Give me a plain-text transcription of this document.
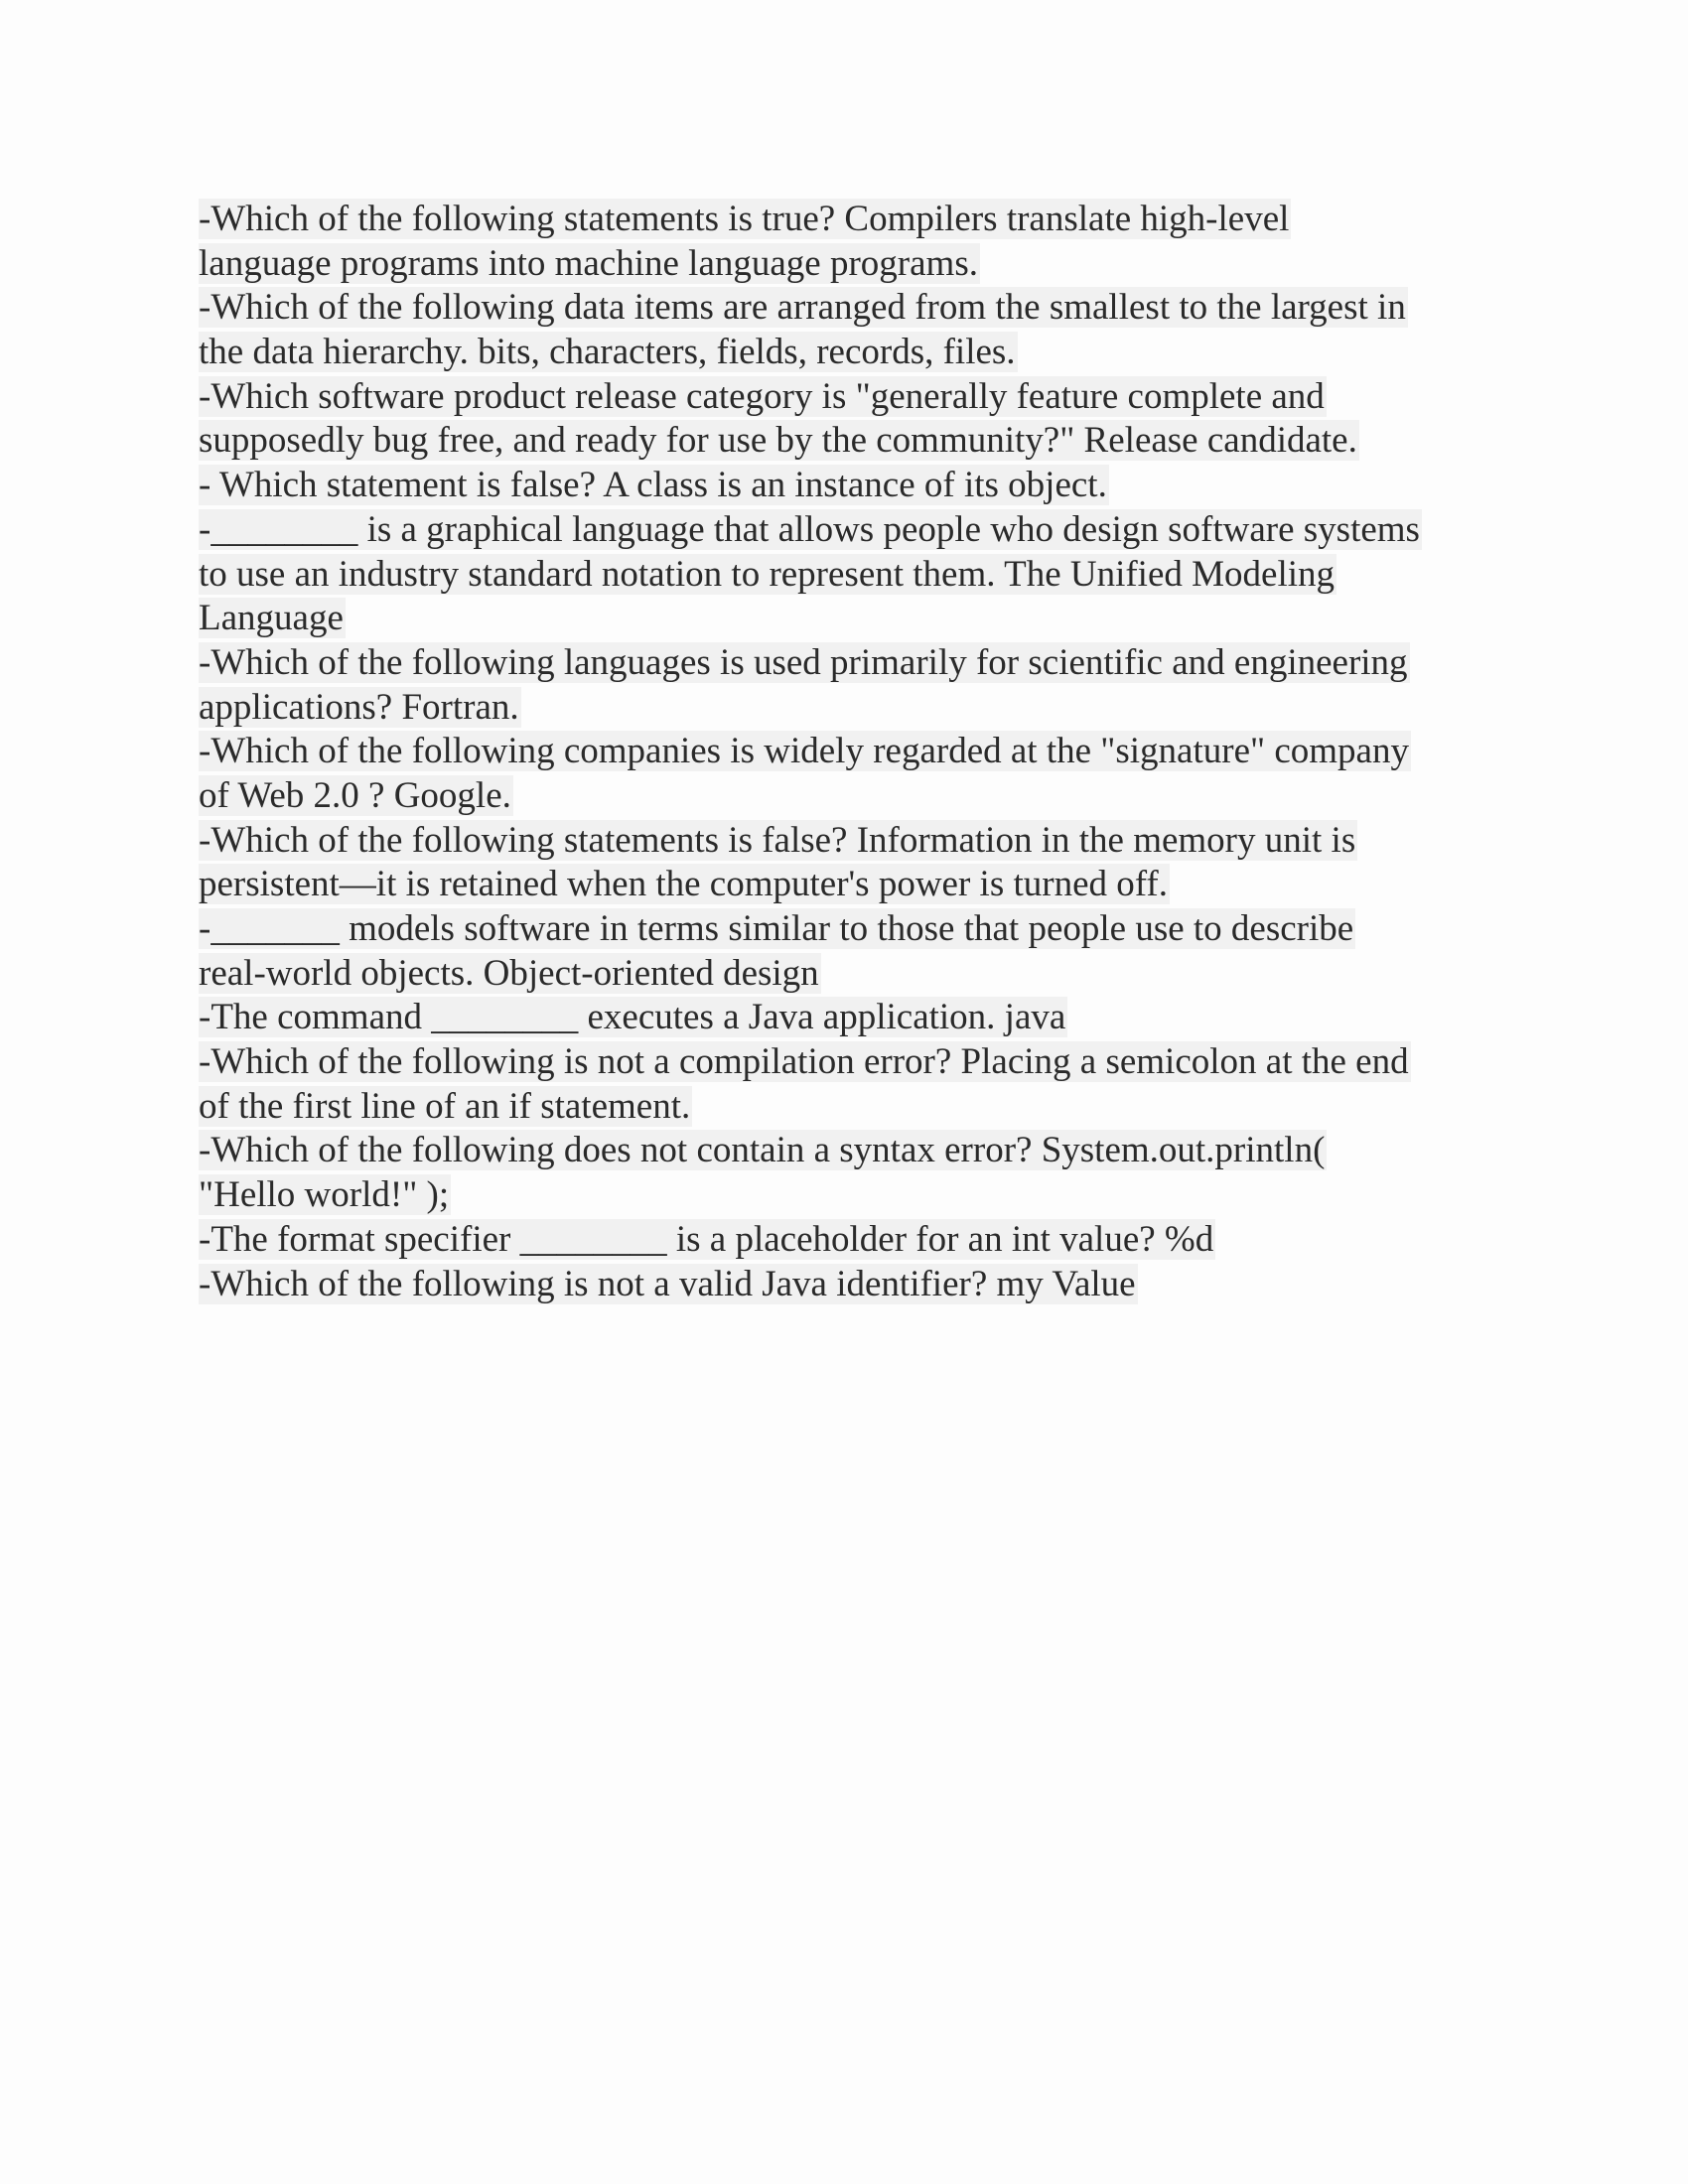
-Which of the following statements is true? Compilers translate high-level
language programs into machine language programs.
-Which of the following data items are arranged from the smallest to the largest in
the data hierarchy. bits, characters, fields, records, files.
-Which software product release category is "generally feature complete and
supposedly bug free, and ready for use by the community?" Release candidate.
- Which statement is false? A class is an instance of its object.
-________ is a graphical language that allows people who design software systems
to use an industry standard notation to represent them. The Unified Modeling
Language
-Which of the following languages is used primarily for scientific and engineering
applications? Fortran.
-Which of the following companies is widely regarded at the "signature" company
of Web 2.0 ? Google.
-Which of the following statements is false? Information in the memory unit is
persistent—it is retained when the computer's power is turned off.
-_______ models software in terms similar to those that people use to describe
real-world objects. Object-oriented design
-The command ________ executes a Java application. java
-Which of the following is not a compilation error? Placing a semicolon at the end
of the first line of an if statement.
-Which of the following does not contain a syntax error? System.out.println(
"Hello world!" );
-The format specifier ________ is a placeholder for an int value? %d
-Which of the following is not a valid Java identifier? my Value
